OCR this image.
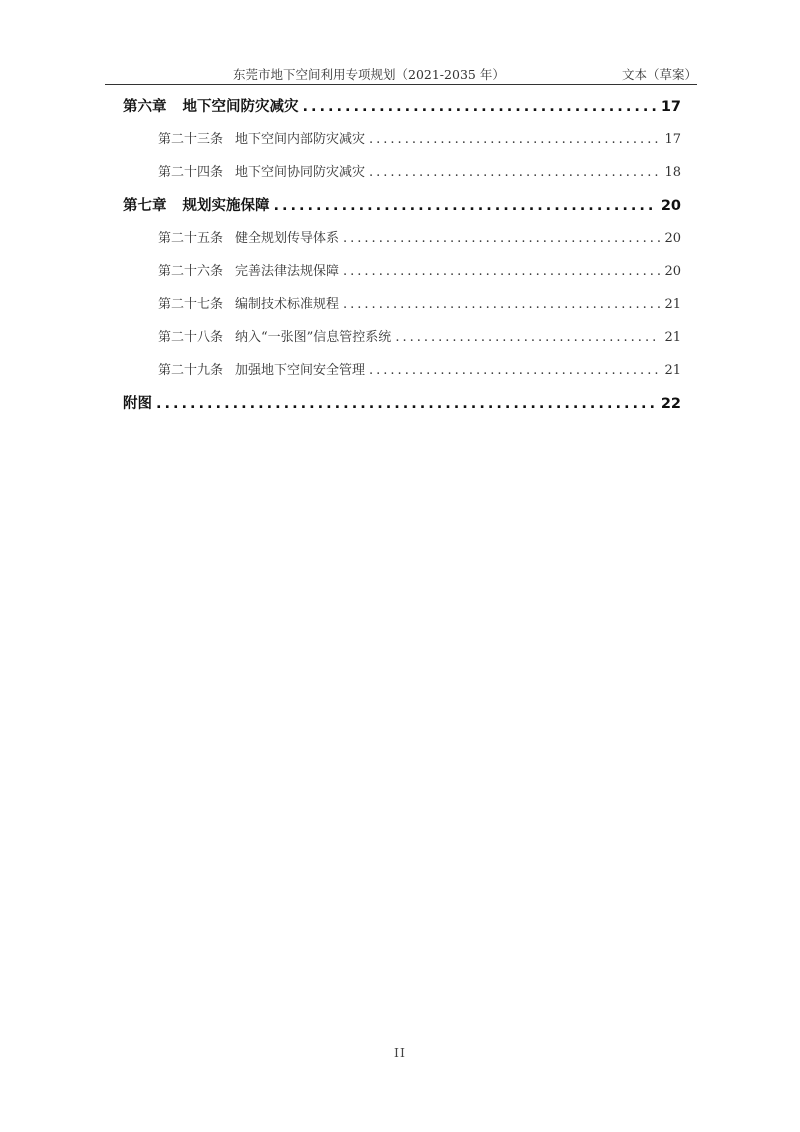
东莞市地下空间利用专项规划（2021-2035 年）	文本（草案）
第六章 地下空间防灾减灾 .....	17
第二十三条 地下空间内部防灾减灾 .....	17
第二十四条 地下空间协同防灾减灾 .....	18
第七章 规划实施保障 .....	20
第二十五条 健全规划传导体系 .....	20
第二十六条 完善法律法规保障 .....	20
第二十七条 编制技术标准规程 .....	21
第二十八条 纳入“一张图”信息管控系统 .....	21
第二十九条 加强地下空间安全管理 .....	21
附图 .....	22
II
